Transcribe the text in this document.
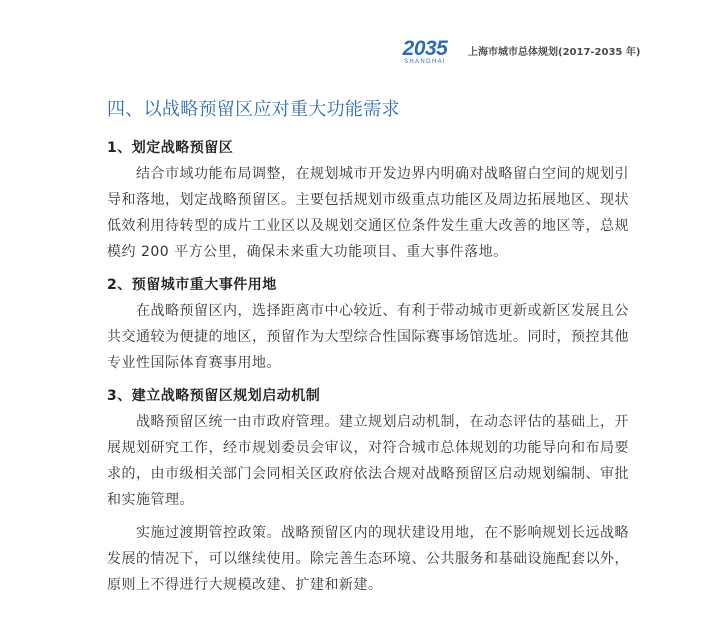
2035
SHANGHAI
上海市城市总体规划(2017-2035 年)
四、以战略预留区应对重大功能需求
1、划定战略预留区
结合市域功能布局调整，在规划城市开发边界内明确对战略留白空间的规划引
导和落地，划定战略预留区。主要包括规划市级重点功能区及周边拓展地区、现状
低效利用待转型的成片工业区以及规划交通区位条件发生重大改善的地区等，总规
模约 200 平方公里，确保未来重大功能项目、重大事件落地。
2、预留城市重大事件用地
在战略预留区内，选择距离市中心较近、有利于带动城市更新或新区发展且公
共交通较为便捷的地区，预留作为大型综合性国际赛事场馆选址。同时，预控其他
专业性国际体育赛事用地。
3、建立战略预留区规划启动机制
战略预留区统一由市政府管理。建立规划启动机制，在动态评估的基础上，开
展规划研究工作，经市规划委员会审议，对符合城市总体规划的功能导向和布局要
求的，由市级相关部门会同相关区政府依法合规对战略预留区启动规划编制、审批
和实施管理。
实施过渡期管控政策。战略预留区内的现状建设用地，在不影响规划长远战略
发展的情况下，可以继续使用。除完善生态环境、公共服务和基础设施配套以外，
原则上不得进行大规模改建、扩建和新建。
